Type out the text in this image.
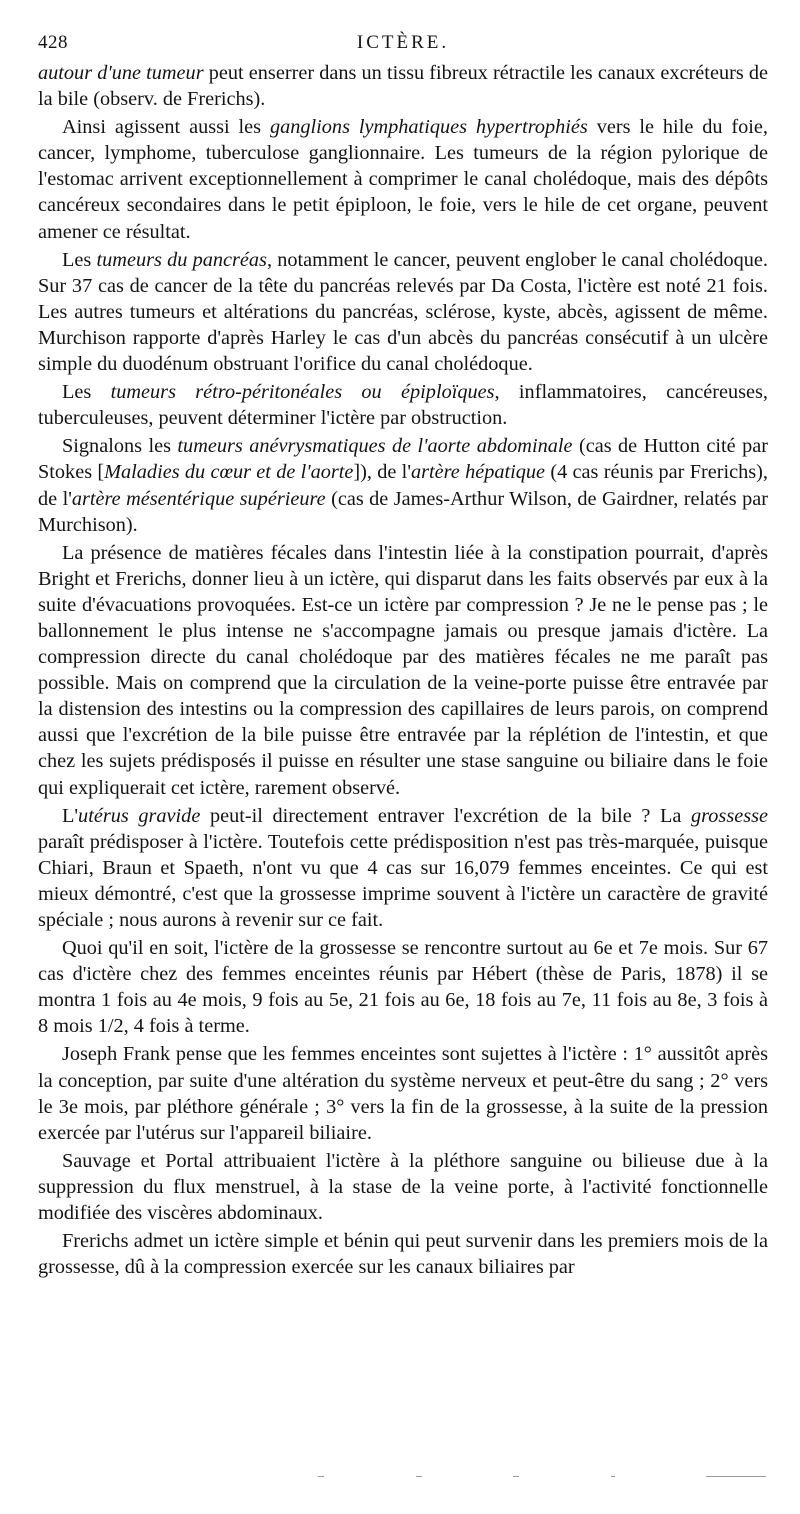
428	ICTÈRE.

autour d'une tumeur peut enserrer dans un tissu fibreux rétractile les canaux excréteurs de la bile (observ. de Frerichs).

Ainsi agissent aussi les ganglions lymphatiques hypertrophiés vers le hile du foie, cancer, lymphome, tuberculose ganglionnaire. Les tumeurs de la région pylorique de l'estomac arrivent exceptionnellement à comprimer le canal cholédoque, mais des dépôts cancéreux secondaires dans le petit épiploon, le foie, vers le hile de cet organe, peuvent amener ce résultat.

Les tumeurs du pancréas, notamment le cancer, peuvent englober le canal cholédoque. Sur 37 cas de cancer de la tête du pancréas relevés par Da Costa, l'ictère est noté 21 fois. Les autres tumeurs et altérations du pancréas, sclérose, kyste, abcès, agissent de même. Murchison rapporte d'après Harley le cas d'un abcès du pancréas consécutif à un ulcère simple du duodénum obstruant l'orifice du canal cholédoque.

Les tumeurs rétro-péritonéales ou épiploïques, inflammatoires, cancéreuses, tuberculeuses, peuvent déterminer l'ictère par obstruction.

Signalons les tumeurs anévrysmatiques de l'aorte abdominale (cas de Hutton cité par Stokes [Maladies du cœur et de l'aorte]), de l'artère hépatique (4 cas réunis par Frerichs), de l'artère mésentérique supérieure (cas de James-Arthur Wilson, de Gairdner, relatés par Murchison).

La présence de matières fécales dans l'intestin liée à la constipation pourrait, d'après Bright et Frerichs, donner lieu à un ictère, qui disparut dans les faits observés par eux à la suite d'évacuations provoquées. Est-ce un ictère par compression ? Je ne le pense pas ; le ballonnement le plus intense ne s'accompagne jamais ou presque jamais d'ictère. La compression directe du canal cholédoque par des matières fécales ne me paraît pas possible. Mais on comprend que la circulation de la veine-porte puisse être entravée par la distension des intestins ou la compression des capillaires de leurs parois, on comprend aussi que l'excrétion de la bile puisse être entravée par la réplétion de l'intestin, et que chez les sujets prédisposés il puisse en résulter une stase sanguine ou biliaire dans le foie qui expliquerait cet ictère, rarement observé.

L'utérus gravide peut-il directement entraver l'excrétion de la bile ? La grossesse paraît prédisposer à l'ictère. Toutefois cette prédisposition n'est pas très-marquée, puisque Chiari, Braun et Spaeth, n'ont vu que 4 cas sur 16,079 femmes enceintes. Ce qui est mieux démontré, c'est que la grossesse imprime souvent à l'ictère un caractère de gravité spéciale ; nous aurons à revenir sur ce fait.

Quoi qu'il en soit, l'ictère de la grossesse se rencontre surtout au 6e et 7e mois. Sur 67 cas d'ictère chez des femmes enceintes réunis par Hébert (thèse de Paris, 1878) il se montra 1 fois au 4e mois, 9 fois au 5e, 21 fois au 6e, 18 fois au 7e, 11 fois au 8e, 3 fois à 8 mois 1/2, 4 fois à terme.

Joseph Frank pense que les femmes enceintes sont sujettes à l'ictère : 1° aussitôt après la conception, par suite d'une altération du système nerveux et peut-être du sang ; 2° vers le 3e mois, par pléthore générale ; 3° vers la fin de la grossesse, à la suite de la pression exercée par l'utérus sur l'appareil biliaire.

Sauvage et Portal attribuaient l'ictère à la pléthore sanguine ou bilieuse due à la suppression du flux menstruel, à la stase de la veine porte, à l'activité fonctionnelle modifiée des viscères abdominaux.

Frerichs admet un ictère simple et bénin qui peut survenir dans les premiers mois de la grossesse, dû à la compression exercée sur les canaux biliaires par
